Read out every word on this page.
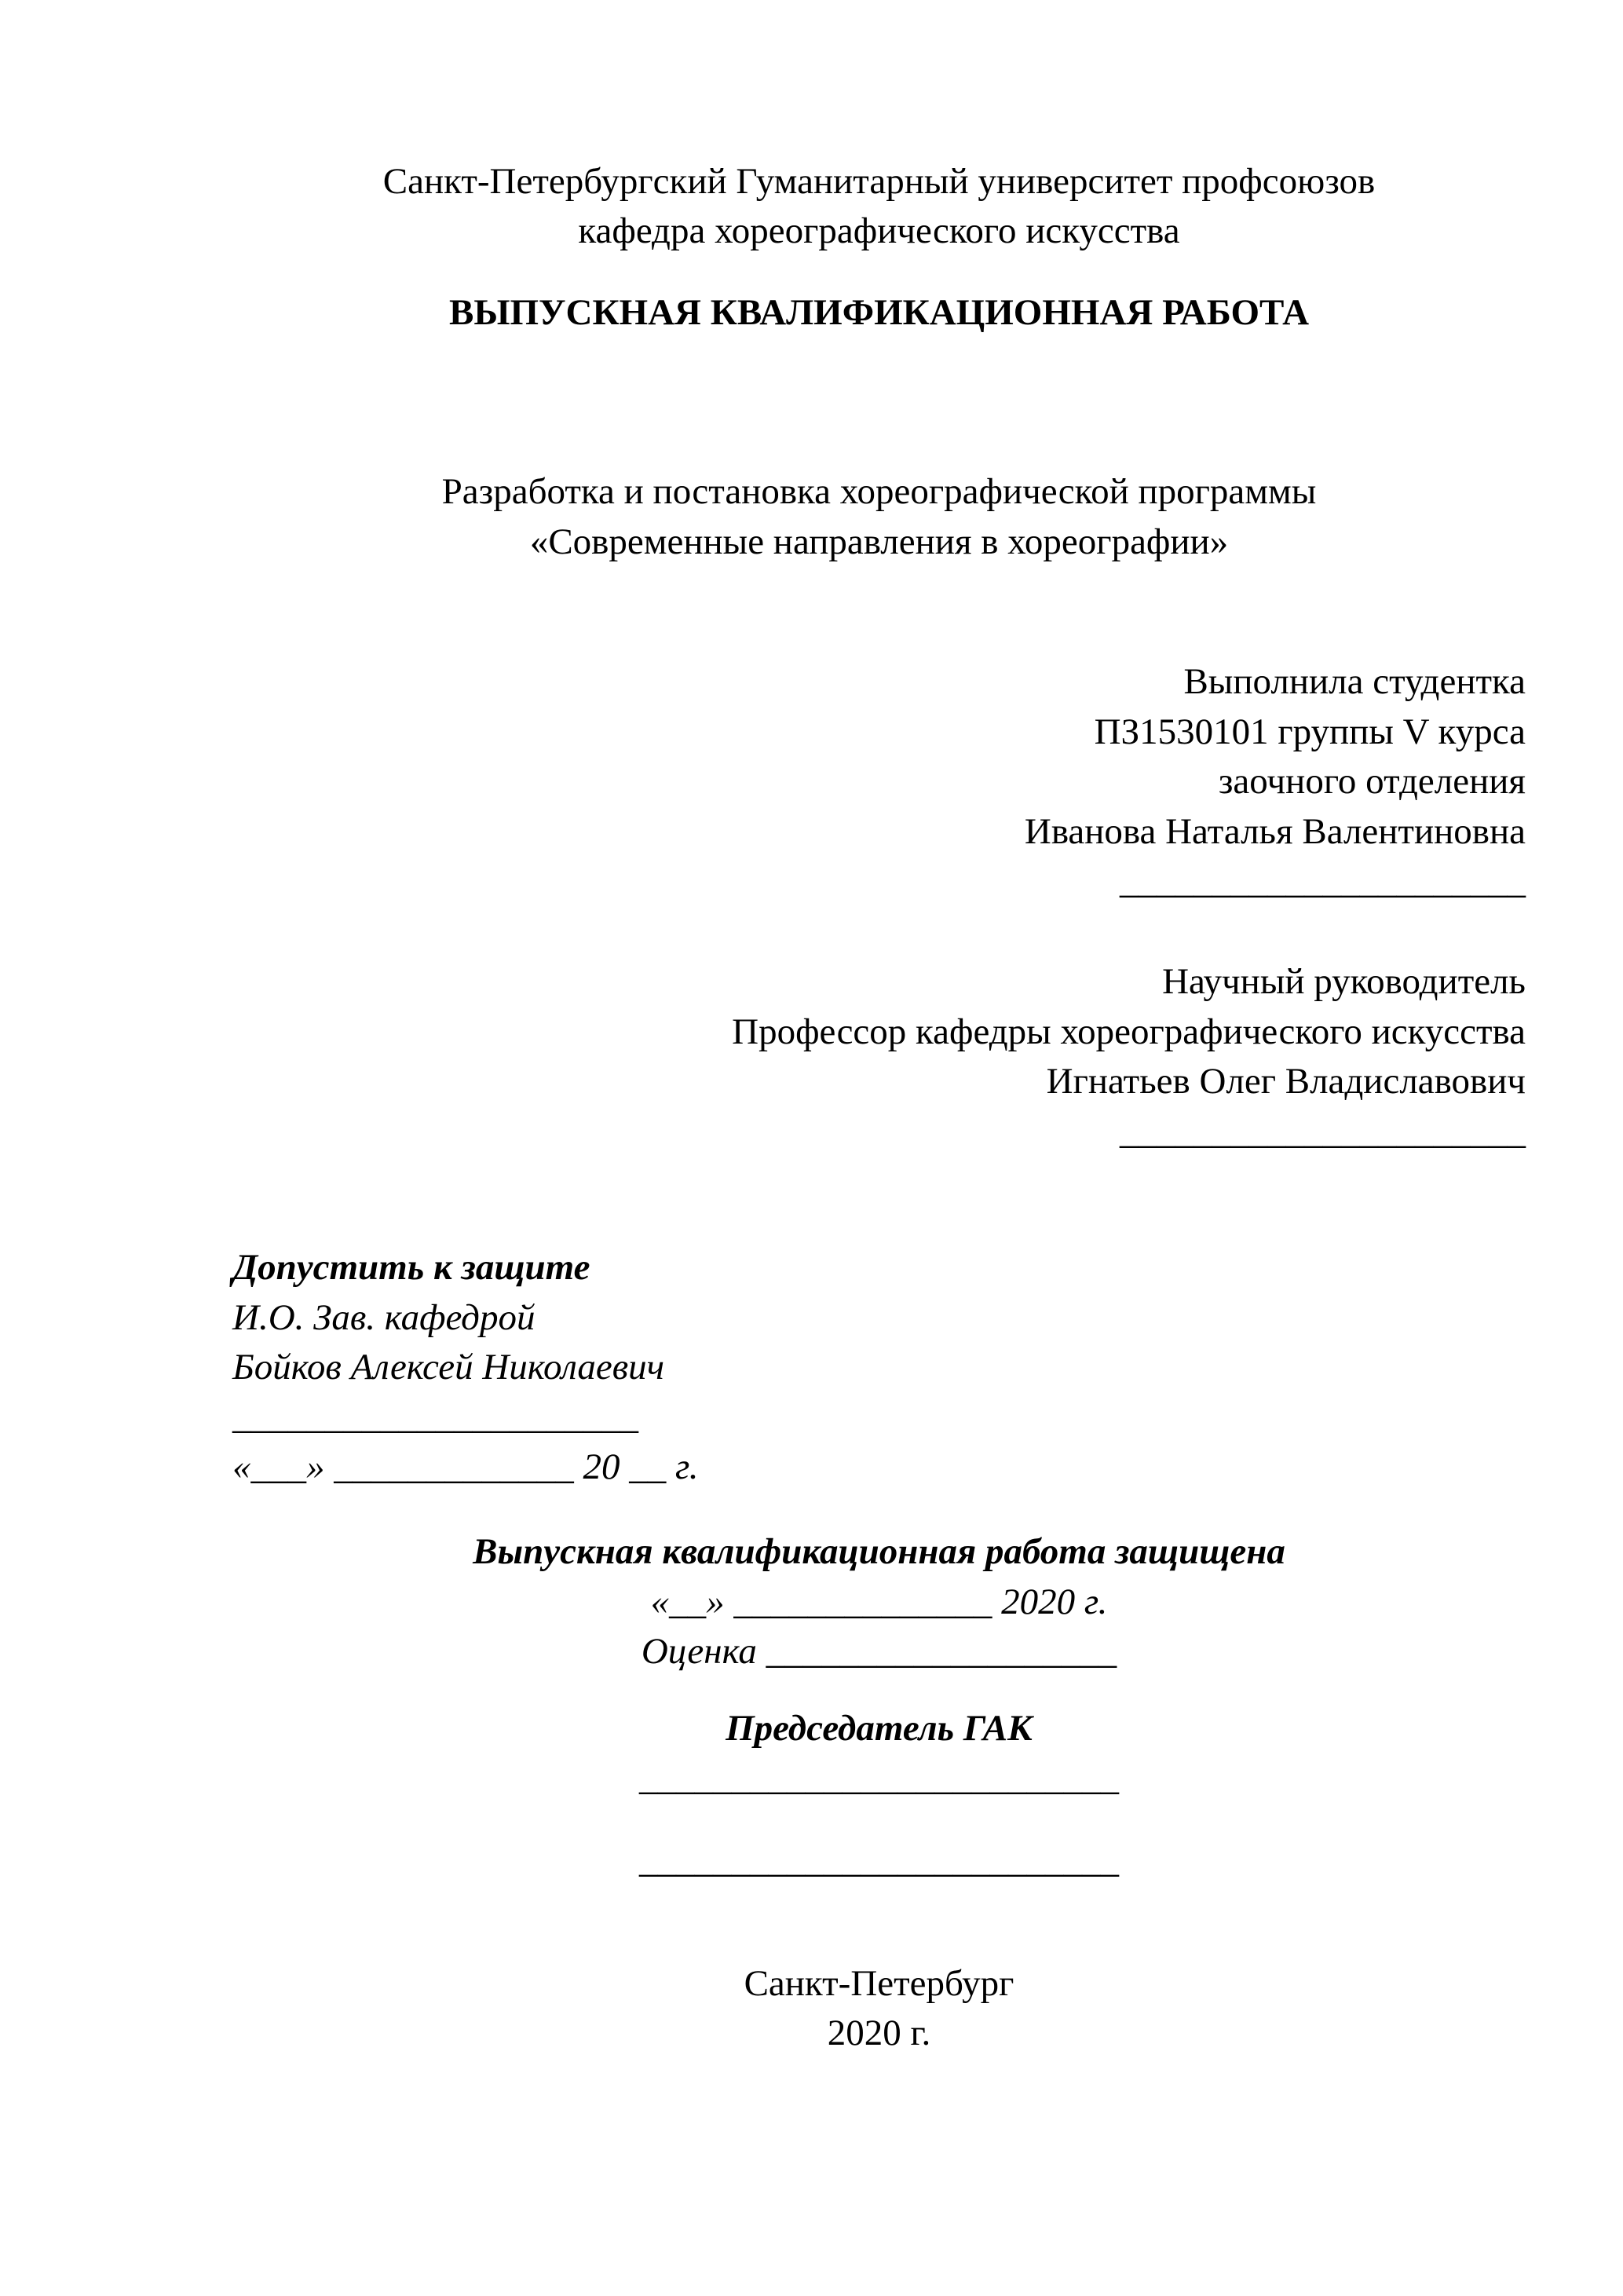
Санкт-Петербургский Гуманитарный университет профсоюзов
кафедра хореографического искусства
ВЫПУСКНАЯ КВАЛИФИКАЦИОННАЯ РАБОТА
Разработка и постановка хореографической программы
«Современные направления в хореографии»
Выполнила студентка
ПЗ1530101 группы V курса
заочного отделения
Иванова Наталья Валентиновна
______________________
Научный руководитель
Профессор кафедры хореографического искусства
Игнатьев Олег Владиславович
______________________
Допустить к защите
И.О. Зав. кафедрой
Бойков Алексей Николаевич
______________________
«___» _____________ 20 __ г.
Выпускная квалификационная работа защищена
«__» ______________ 2020 г.
Оценка ___________________
Председатель ГАК
__________________________
__________________________
Санкт-Петербург
2020 г.
